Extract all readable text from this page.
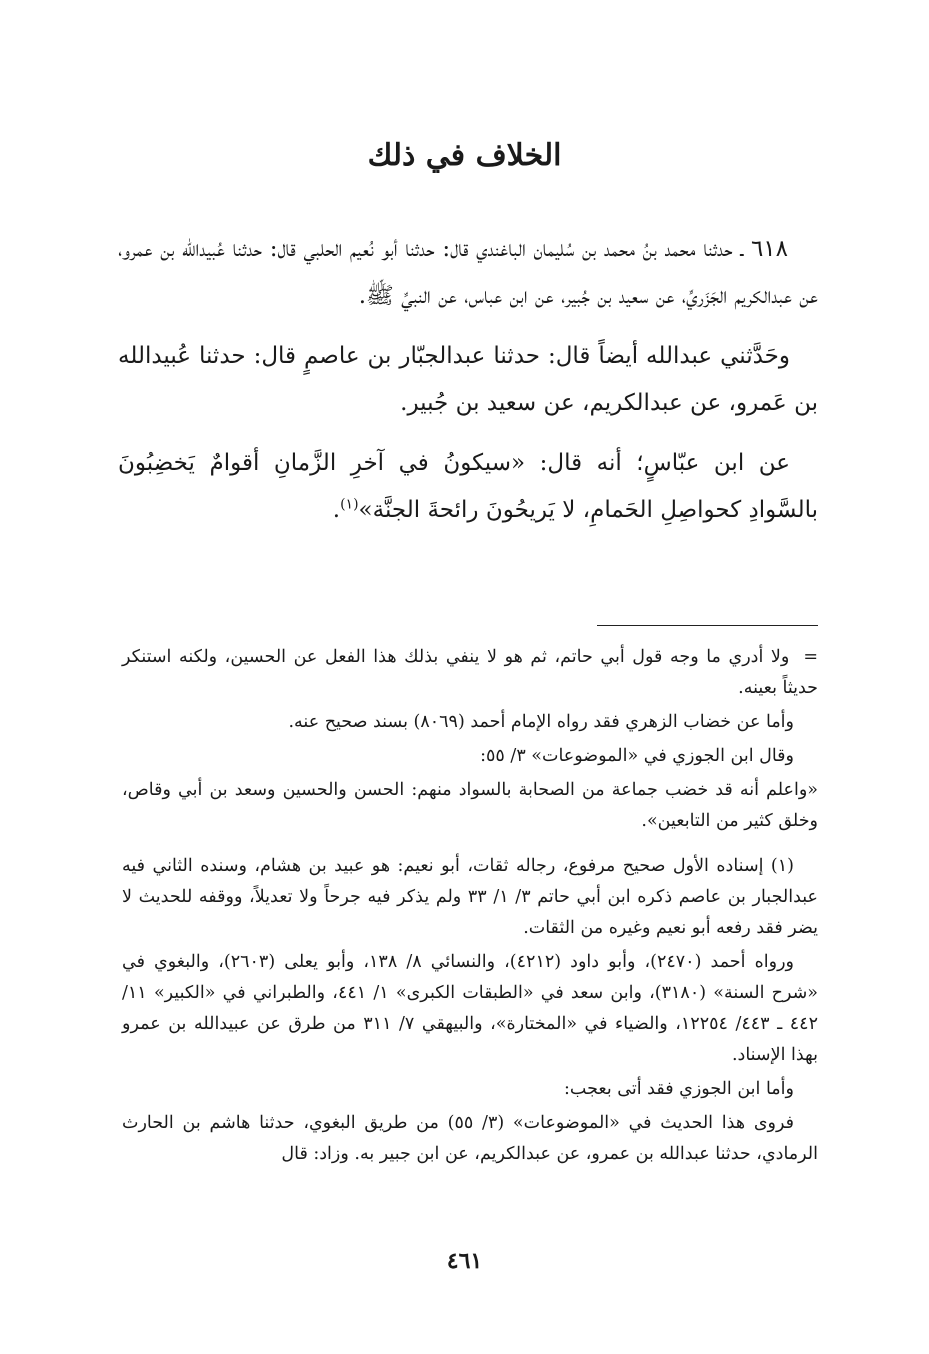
الخلاف في ذلك

٦١٨ ـ حدثنا محمد بنُ محمد بن سُليمان الباغندي قال: حدثنا أبو نُعيم الحلبي قال: حدثنا عُبيدالله بن عمرو، عن عبدالكريم الجَزَريِّ، عن سعيد بن جُبير، عن ابن عباس، عن النبيِّ ﷺ.

وحَدَّثني عبدالله أيضاً قال: حدثنا عبدالجبّار بن عاصمٍ قال: حدثنا عُبيدالله بن عَمرو، عن عبدالكريم، عن سعيد بن جُبير.

عن ابن عبّاسٍ؛ أنه قال: «سيكونُ في آخرِ الزَّمانِ أقوامٌ يَخضِبُونَ بالسَّوادِ كحواصِلِ الحَمامِ، لا يَريحُونَ رائحةَ الجنَّة»$^{(١)}$.

=ولا أدري ما وجه قول أبي حاتم، ثم هو لا ينفي بذلك هذا الفعل عن الحسين، ولكنه استنكر حديثاً بعينه.

وأما عن خضاب الزهري فقد رواه الإمام أحمد (٨٠٦٩) بسند صحيح عنه.

وقال ابن الجوزي في «الموضوعات» ٣/ ٥٥:

«واعلم أنه قد خضب جماعة من الصحابة بالسواد منهم: الحسن والحسين وسعد بن أبي وقاص، وخلق كثير من التابعين».

(١) إسناده الأول صحيح مرفوع، رجاله ثقات، أبو نعيم: هو عبيد بن هشام، وسنده الثاني فيه عبدالجبار بن عاصم ذكره ابن أبي حاتم ٣/ ١/ ٣٣ ولم يذكر فيه جرحاً ولا تعديلاً، ووقفه للحديث لا يضر فقد رفعه أبو نعيم وغيره من الثقات.

ورواه أحمد (٢٤٧٠)، وأبو داود (٤٢١٢)، والنسائي ٨/ ١٣٨، وأبو يعلى (٢٦٠٣)، والبغوي في «شرح السنة» (٣١٨٠)، وابن سعد في «الطبقات الكبرى» ١/ ٤٤١، والطبراني في «الكبير» ١١/ ٤٤٢ ـ ٤٤٣/ ١٢٢٥٤، والضياء في «المختارة»، والبيهقي ٧/ ٣١١ من طرق عن عبيدالله بن عمرو بهذا الإسناد.

وأما ابن الجوزي فقد أتى بعجب:

فروى هذا الحديث في «الموضوعات» (٣/ ٥٥) من طريق البغوي، حدثنا هاشم بن الحارث الرمادي، حدثنا عبدالله بن عمرو، عن عبدالكريم، عن ابن جبير به. وزاد: قال

٤٦١
